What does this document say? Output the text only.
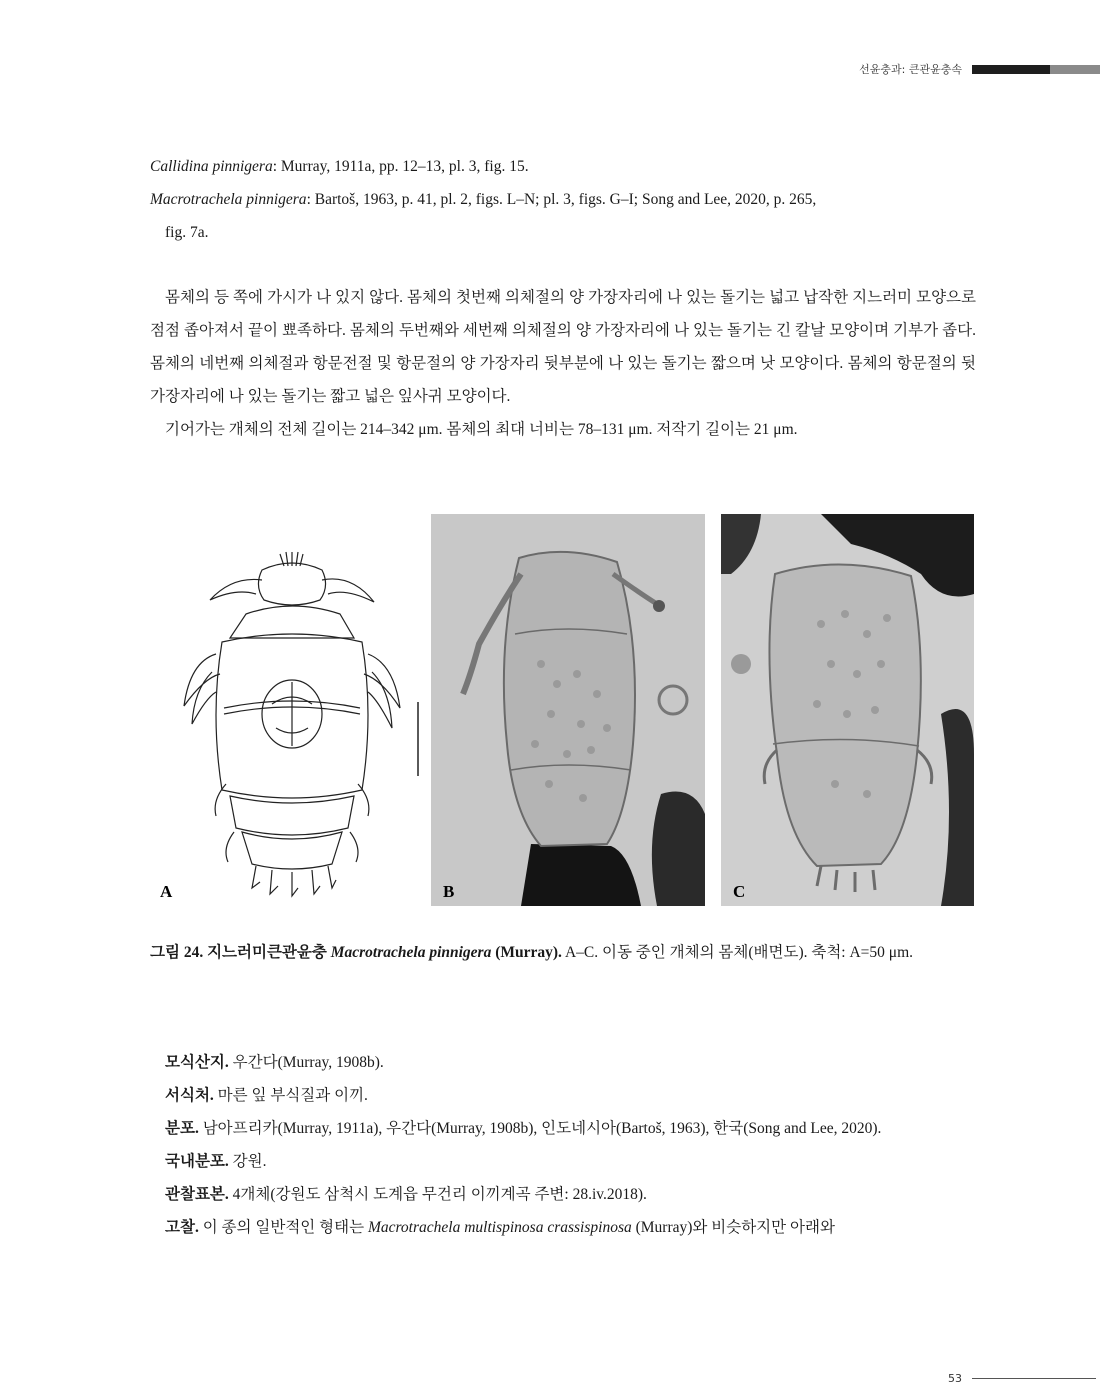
선윤충과: 큰관윤충속

Callidina pinnigera: Murray, 1911a, pp. 12–13, pl. 3, fig. 15.

Macrotrachela pinnigera: Bartoš, 1963, p. 41, pl. 2, figs. L–N; pl. 3, figs. G–I; Song and Lee, 2020, p. 265,

fig. 7a.

몸체의 등 쪽에 가시가 나 있지 않다. 몸체의 첫번째 의체절의 양 가장자리에 나 있는 돌기는 넓고 납작한 지느러미 모양으로 점점 좁아져서 끝이 뾰족하다. 몸체의 두번째와 세번째 의체절의 양 가장자리에 나 있는 돌기는 긴 칼날 모양이며 기부가 좁다. 몸체의 네번째 의체절과 항문전절 및 항문절의 양 가장자리 뒷부분에 나 있는 돌기는 짧으며 낫 모양이다. 몸체의 항문절의 뒷가장자리에 나 있는 돌기는 짧고 넓은 잎사귀 모양이다.

기어가는 개체의 전체 길이는 214–342 μm. 몸체의 최대 너비는 78–131 μm. 저작기 길이는 21 μm.

A	B	C
그림 24. 지느러미큰관윤충 Macrotrachela pinnigera (Murray). A–C. 이동 중인 개체의 몸체(배면도). 축척: A=50 μm.

모식산지. 우간다(Murray, 1908b).

서식처. 마른 잎 부식질과 이끼.

분포. 남아프리카(Murray, 1911a), 우간다(Murray, 1908b), 인도네시아(Bartoš, 1963), 한국(Song and Lee, 2020).

국내분포. 강원.

관찰표본. 4개체(강원도 삼척시 도계읍 무건리 이끼계곡 주변: 28.iv.2018).

고찰. 이 종의 일반적인 형태는 Macrotrachela multispinosa crassispinosa (Murray)와 비슷하지만 아래와

53
